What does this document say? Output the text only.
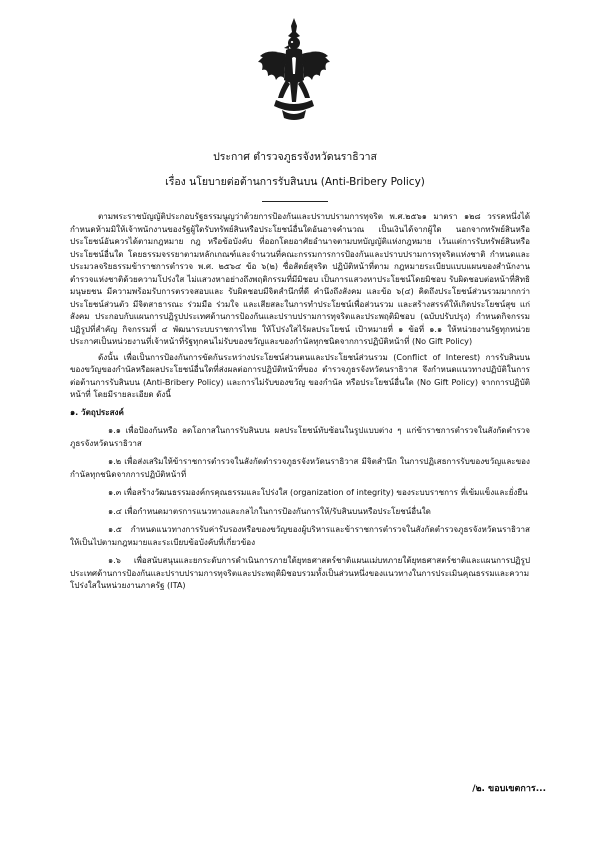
ประกาศ ตำรวจภูธรจังหวัดนราธิวาส
เรื่อง นโยบายต่อต้านการรับสินบน (Anti-Bribery Policy)

ตามพระราชบัญญัติประกอบรัฐธรรมนูญว่าด้วยการป้องกันและปราบปรามการทุจริต พ.ศ.๒๕๖๑ มาตรา ๑๒๘ วรรคหนึ่งได้กำหนดห้ามมิให้เจ้าพนักงานของรัฐผู้ใดรับทรัพย์สินหรือประโยชน์อื่นใดอันอาจคำนวณ เป็นเงินได้จากผู้ใด นอกจากทรัพย์สินหรือประโยชน์อันควรได้ตามกฎหมาย กฎ หรือข้อบังคับ ที่ออกโดยอาศัยอำนาจตามบทบัญญัติแห่งกฎหมาย เว้นแต่การรับทรัพย์สินหรือประโยชน์อื่นใด โดยธรรมจรรยาตามหลักเกณฑ์และจำนวนที่คณะกรรมการการป้องกันและปราบปรามการทุจริตแห่งชาติ กำหนดและประมวลจริยธรรมข้าราชการตำรวจ พ.ศ. ๒๕๖๔ ข้อ ๖(๒) ซื่อสัตย์สุจริต ปฏิบัติหน้าที่ตาม กฎหมายระเบียบแบบแผนของสำนักงานตำรวจแห่งชาติด้วยความโปร่งใส ไม่แสวงหาอย่างถึงพฤติกรรมที่มีมิชอบ เป็นการแสวงหาประโยชน์โดยมิชอบ รับผิดชอบต่อหน้าที่สิทธิมนุษยชน มีความพร้อมรับการตรวจสอบและ รับผิดชอบมีจิตสำนึกที่ดี คำนึงถึงสังคม และข้อ ๖(๔) คิดถึงประโยชน์ส่วนรวมมากกว่าประโยชน์ส่วนตัว มีจิตสาธารณะ ร่วมมือ ร่วมใจ และเสียสละในการทำประโยชน์เพื่อส่วนรวม และสร้างสรรค์ให้เกิดประโยชน์สุข แก่สังคม ประกอบกับแผนการปฏิรูปประเทศด้านการป้องกันและปราบปรามการทุจริตและประพฤติมิชอบ (ฉบับปรับปรุง) กำหนดกิจกรรมปฏิรูปที่สำคัญ กิจกรรมที่ ๔ พัฒนาระบบราชการไทย ให้โปร่งใสไร้ผลประโยชน์ เป้าหมายที่ ๑ ข้อที่ ๑.๑ ให้หน่วยงานรัฐทุกหน่วยประกาศเป็นหน่วยงานที่เจ้าหน้าที่รัฐทุกคนไม่รับของขวัญและของกำนัลทุกชนิดจากการปฏิบัติหน้าที่ (No Gift Policy)

ดังนั้น เพื่อเป็นการป้องกันการขัดกันระหว่างประโยชน์ส่วนตนและประโยชน์ส่วนรวม (Conflict of Interest) การรับสินบนของขวัญของกำนัลหรือผลประโยชน์อื่นใดที่ส่งผลต่อการปฏิบัติหน้าที่ของ ตำรวจภูธรจังหวัดนราธิวาส จึงกำหนดแนวทางปฏิบัติในการต่อต้านการรับสินบน (Anti-Bribery Policy) และการไม่รับของขวัญ ของกำนัล หรือประโยชน์อื่นใด (No Gift Policy) จากการปฏิบัติหน้าที่ โดยมีรายละเอียด ดังนี้

๑. วัตถุประสงค์

๑.๑ เพื่อป้องกันหรือ ลดโอกาสในการรับสินบน ผลประโยชน์ทับซ้อนในรูปแบบต่าง ๆ แก่ข้าราชการตำรวจในสังกัดตำรวจภูธรจังหวัดนราธิวาส

๑.๒ เพื่อส่งเสริมให้ข้าราชการตำรวจในสังกัดตำรวจภูธรจังหวัดนราธิวาส มีจิตสำนึก ในการปฏิเสธการรับของขวัญและของกำนัลทุกชนิดจากการปฏิบัติหน้าที่

๑.๓ เพื่อสร้างวัฒนธรรมองค์กรคุณธรรมและโปร่งใส (organization of integrity) ของระบบราชการ ที่เข้มแข็งและยั่งยืน

๑.๔ เพื่อกำหนดมาตรการแนวทางและกลไกในการป้องกันการให้/รับสินบนหรือประโยชน์อื่นใด

๑.๕ กำหนดแนวทางการรับค่ารับรองหรือของขวัญของผู้บริหารและข้าราชการตำรวจในสังกัดตำรวจภูธรจังหวัดนราธิวาส ให้เป็นไปตามกฎหมายและระเบียบข้อบังคับที่เกี่ยวข้อง

๑.๖ เพื่อสนับสนุนและยกระดับการดำเนินการภายใต้ยุทธศาสตร์ชาติแผนแม่บทภายใต้ยุทธศาสตร์ชาติและแผนการปฏิรูปประเทศด้านการป้องกันและปราบปรามการทุจริตและประพฤติมิชอบรวมทั้งเป็นส่วนหนึ่งของแนวทางในการประเมินคุณธรรมและความโปร่งใสในหน่วยงานภาครัฐ (ITA)

/๒. ขอบเขตการ...
